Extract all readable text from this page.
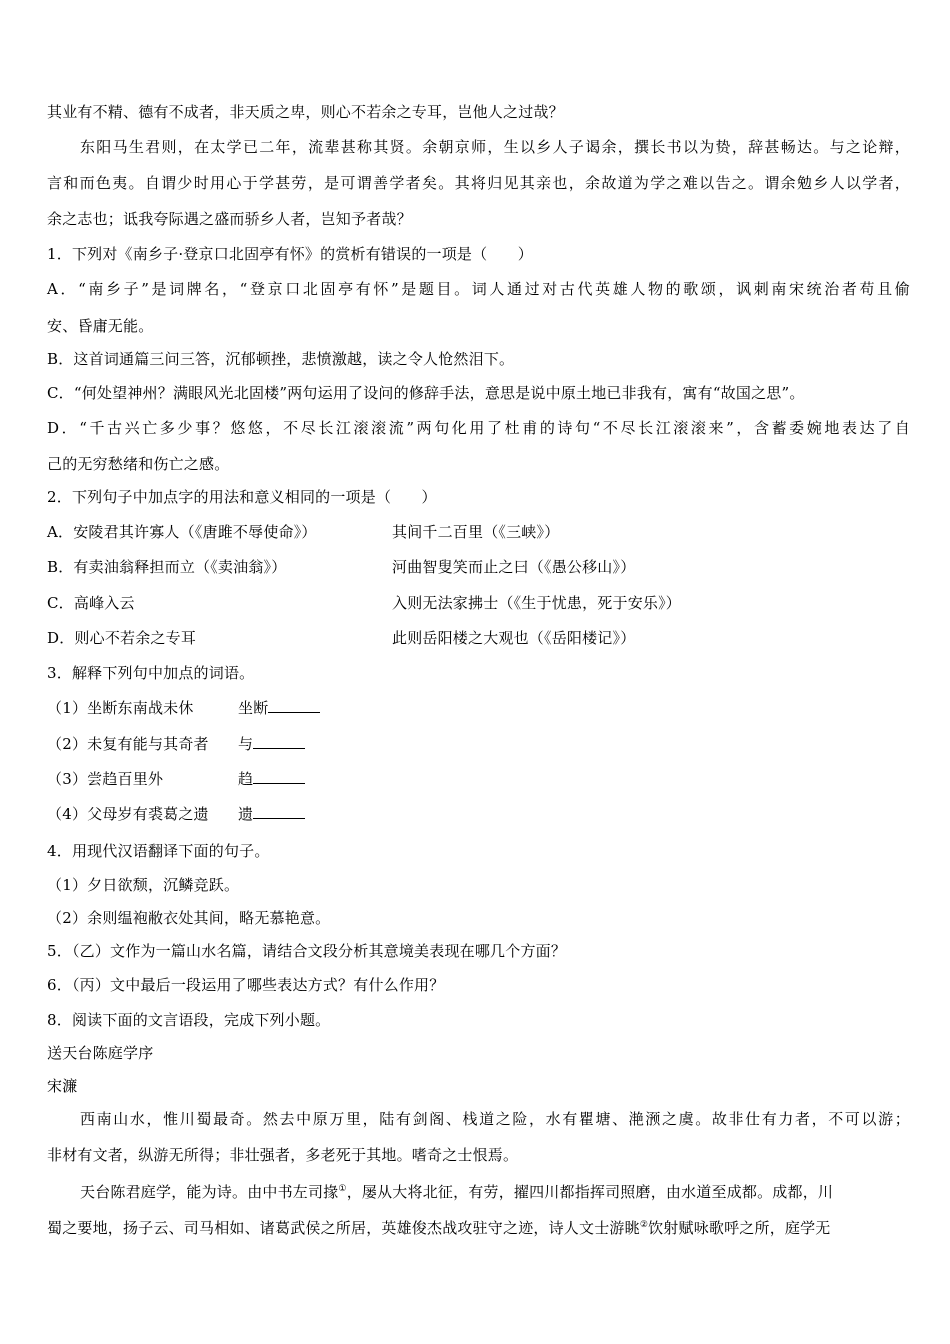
其业有不精、德有不成者，非天质之卑，则心不若余之专耳，岂他人之过哉？
东阳马生君则，在太学已二年，流辈甚称其贤。余朝京师，生以乡人子谒余，撰长书以为贽，辞甚畅达。与之论辩，
言和而色夷。自谓少时用心于学甚劳，是可谓善学者矣。其将归见其亲也，余故道为学之难以告之。谓余勉乡人以学者，
余之志也；诋我夸际遇之盛而骄乡人者，岂知予者哉？
1．下列对《南乡子·登京口北固亭有怀》的赏析有错误的一项是（　　）
A．“南乡子”是词牌名，“登京口北固亭有怀”是题目。词人通过对古代英雄人物的歌颂，讽刺南宋统治者苟且偷
安、昏庸无能。
B．这首词通篇三问三答，沉郁顿挫，悲愤激越，读之令人怆然泪下。
C．“何处望神州？满眼风光北固楼”两句运用了设问的修辞手法，意思是说中原土地已非我有，寓有“故国之思”。
D．“千古兴亡多少事？悠悠，不尽长江滚滚流”两句化用了杜甫的诗句“不尽长江滚滚来”，含蓄委婉地表达了自
己的无穷愁绪和伤亡之感。
2．下列句子中加点字的用法和意义相同的一项是（　　）
A．安陵君其许寡人（《唐雎不辱使命》）	其间千二百里（《三峡》）
B．有卖油翁释担而立（《卖油翁》）	河曲智叟笑而止之曰（《愚公移山》）
C．高峰入云	入则无法家拂士（《生于忧患，死于安乐》）
D．则心不若余之专耳	此则岳阳楼之大观也（《岳阳楼记》）
3．解释下列句中加点的词语。
（1）坐断东南战未休	坐断
（2）未复有能与其奇者 与
（3）尝趋百里外	趋
（4）父母岁有裘葛之遗 遗
4．用现代汉语翻译下面的句子。
（1）夕日欲颓，沉鳞竞跃。
（2）余则缊袍敝衣处其间，略无慕艳意。
5．（乙）文作为一篇山水名篇，请结合文段分析其意境美表现在哪几个方面？
6．（丙）文中最后一段运用了哪些表达方式？有什么作用？
8．阅读下面的文言语段，完成下列小题。
送天台陈庭学序
宋濂
西南山水，惟川蜀最奇。然去中原万里，陆有剑阁、栈道之险，水有瞿塘、滟滪之虞。故非仕有力者，不可以游；
非材有文者，纵游无所得；非壮强者，多老死于其地。嗜奇之士恨焉。
天台陈君庭学，能为诗。由中书左司掾①，屡从大将北征，有劳，擢四川都指挥司照磨，由水道至成都。成都，川
蜀之要地，扬子云、司马相如、诸葛武侯之所居，英雄俊杰战攻驻守之迹，诗人文士游眺②饮射赋咏歌呼之所，庭学无
